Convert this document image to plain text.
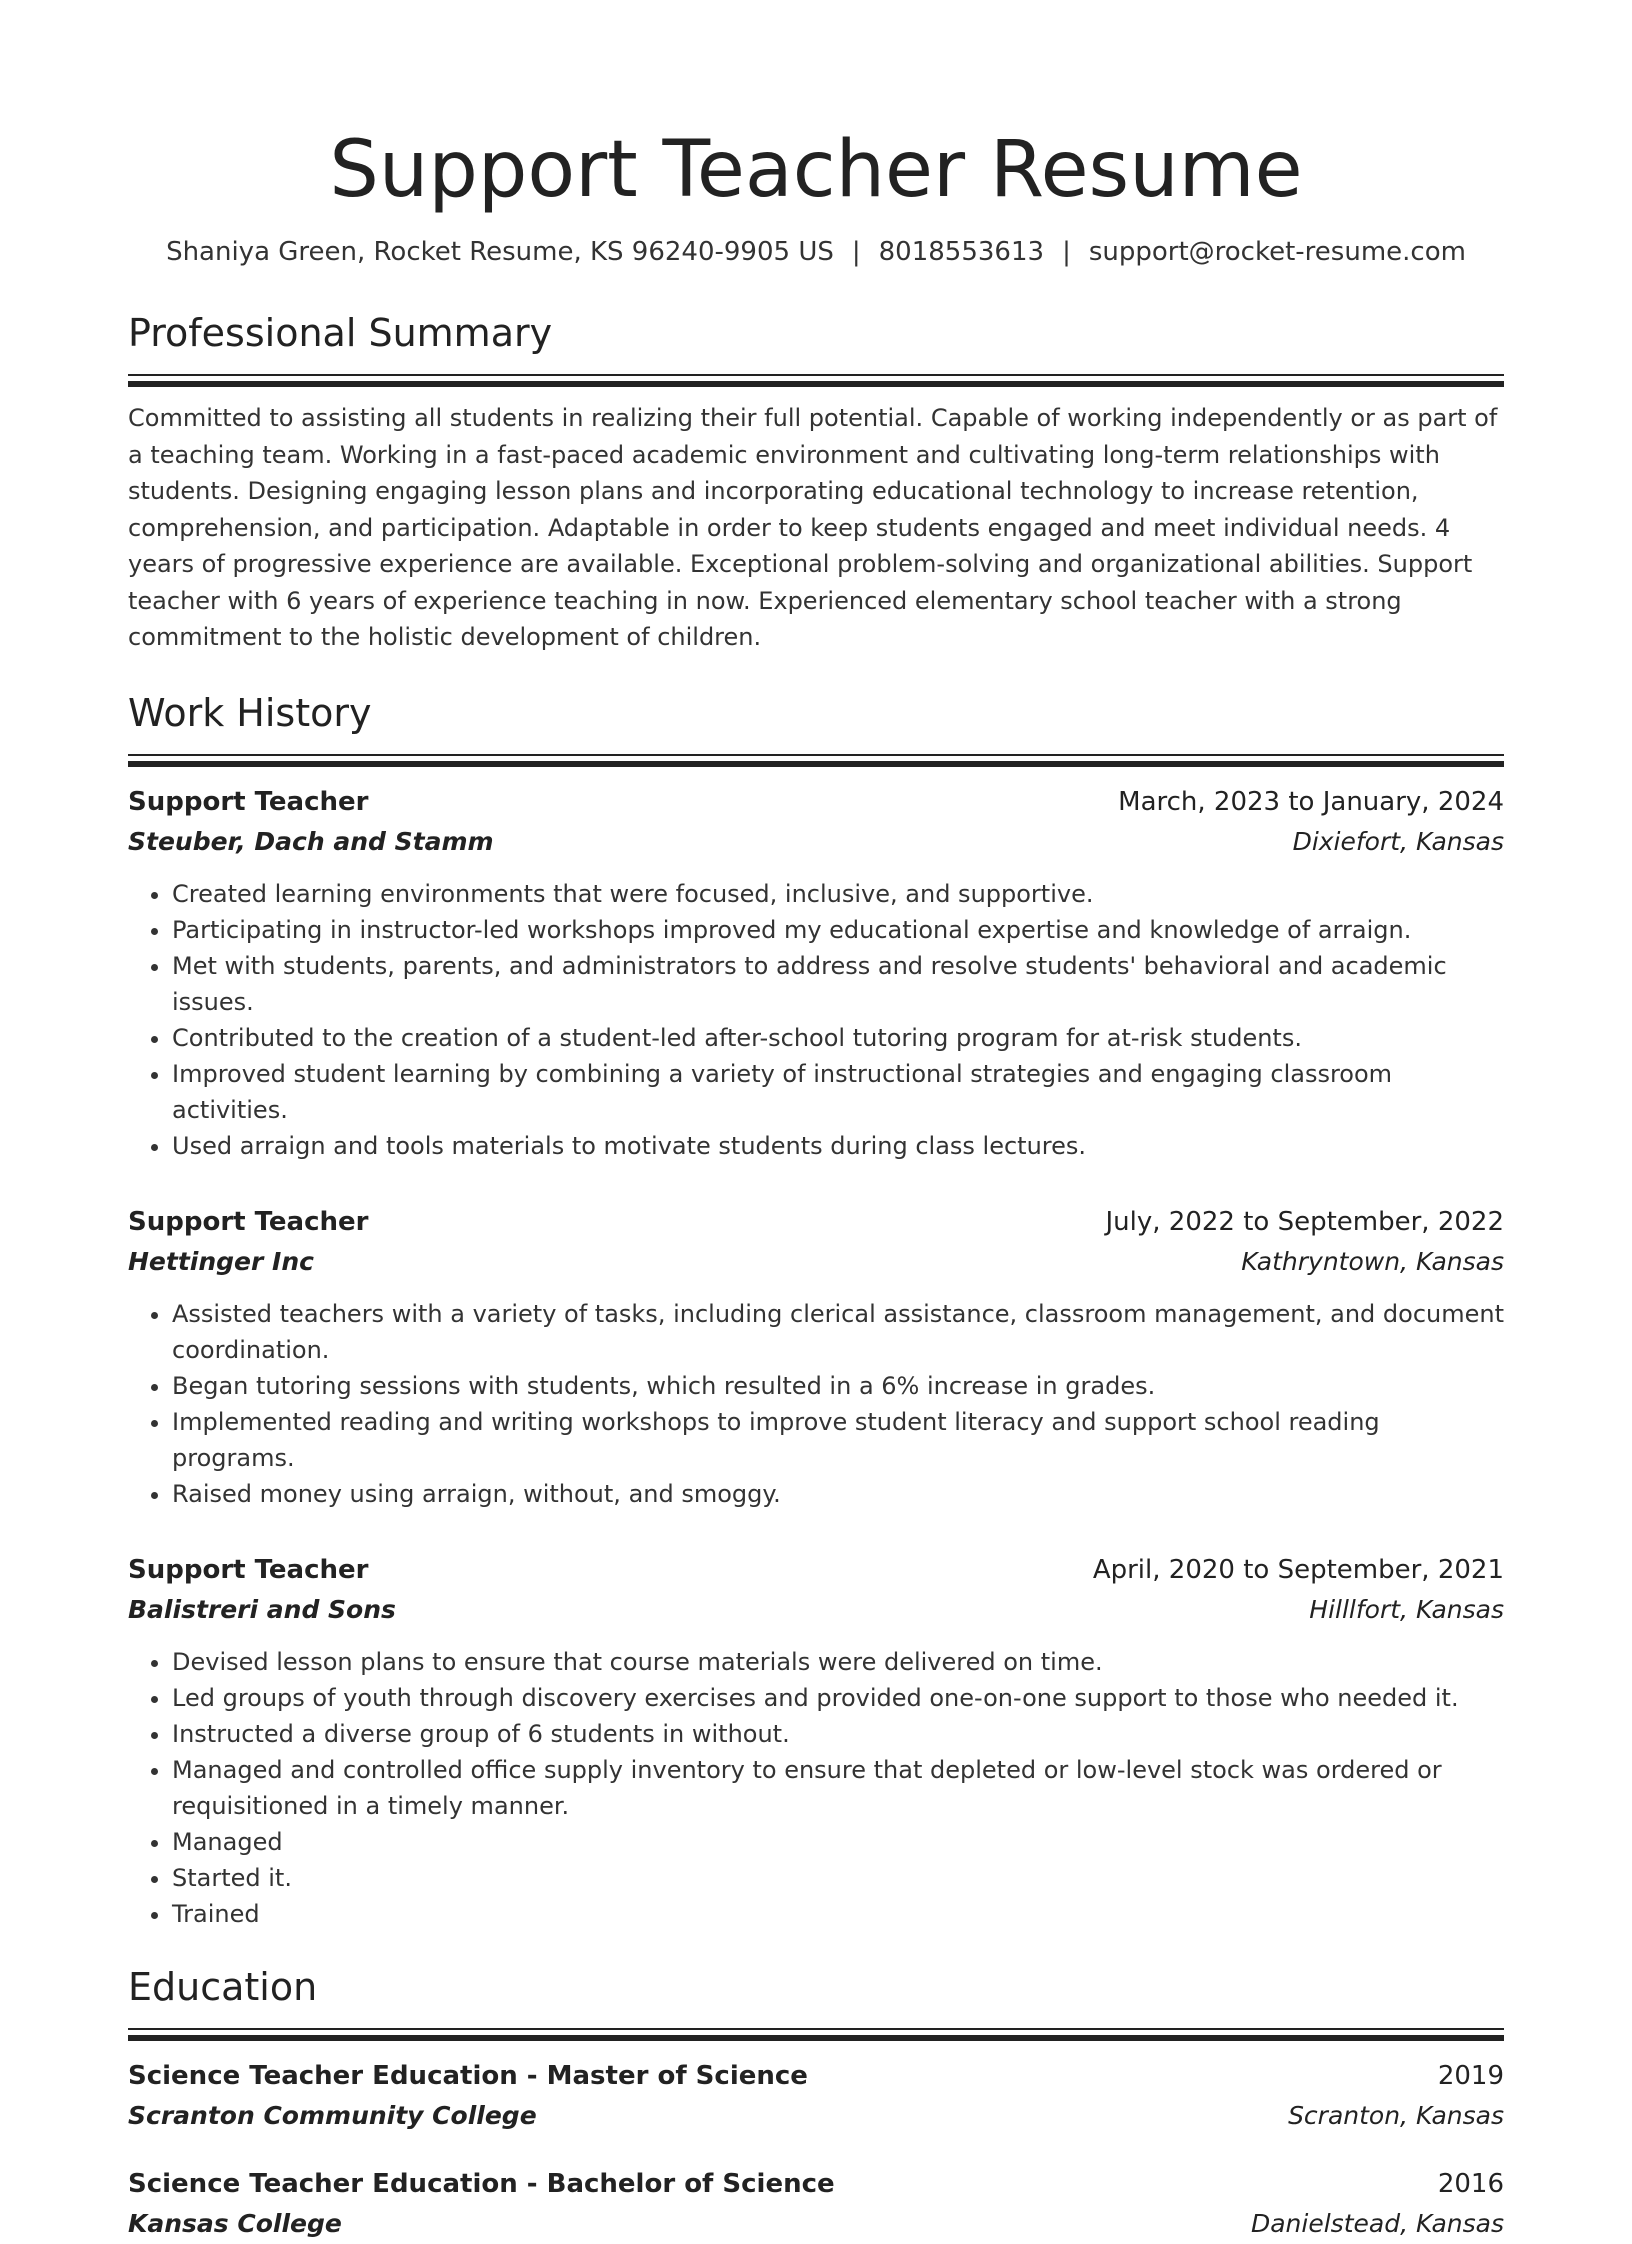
Support Teacher Resume
Shaniya Green, Rocket Resume, KS 96240-9905 US | 8018553613 | support@rocket-resume.com
Professional Summary
Committed to assisting all students in realizing their full potential. Capable of working independently or as part of a teaching team. Working in a fast-paced academic environment and cultivating long-term relationships with students. Designing engaging lesson plans and incorporating educational technology to increase retention, comprehension, and participation. Adaptable in order to keep students engaged and meet individual needs. 4 years of progressive experience are available. Exceptional problem-solving and organizational abilities. Support teacher with 6 years of experience teaching in now. Experienced elementary school teacher with a strong commitment to the holistic development of children.
Work History
Support Teacher	March, 2023 to January, 2024
Steuber, Dach and Stamm	Dixiefort, Kansas
• Created learning environments that were focused, inclusive, and supportive.
• Participating in instructor-led workshops improved my educational expertise and knowledge of arraign.
• Met with students, parents, and administrators to address and resolve students' behavioral and academic issues.
• Contributed to the creation of a student-led after-school tutoring program for at-risk students.
• Improved student learning by combining a variety of instructional strategies and engaging classroom activities.
• Used arraign and tools materials to motivate students during class lectures.
Support Teacher	July, 2022 to September, 2022
Hettinger Inc	Kathryntown, Kansas
• Assisted teachers with a variety of tasks, including clerical assistance, classroom management, and document coordination.
• Began tutoring sessions with students, which resulted in a 6% increase in grades.
• Implemented reading and writing workshops to improve student literacy and support school reading programs.
• Raised money using arraign, without, and smoggy.
Support Teacher	April, 2020 to September, 2021
Balistreri and Sons	Hilllfort, Kansas
• Devised lesson plans to ensure that course materials were delivered on time.
• Led groups of youth through discovery exercises and provided one-on-one support to those who needed it.
• Instructed a diverse group of 6 students in without.
• Managed and controlled office supply inventory to ensure that depleted or low-level stock was ordered or requisitioned in a timely manner.
• Managed
• Started it.
• Trained
Education
Science Teacher Education - Master of Science	2019
Scranton Community College	Scranton, Kansas
Science Teacher Education - Bachelor of Science	2016
Kansas College	Danielstead, Kansas
